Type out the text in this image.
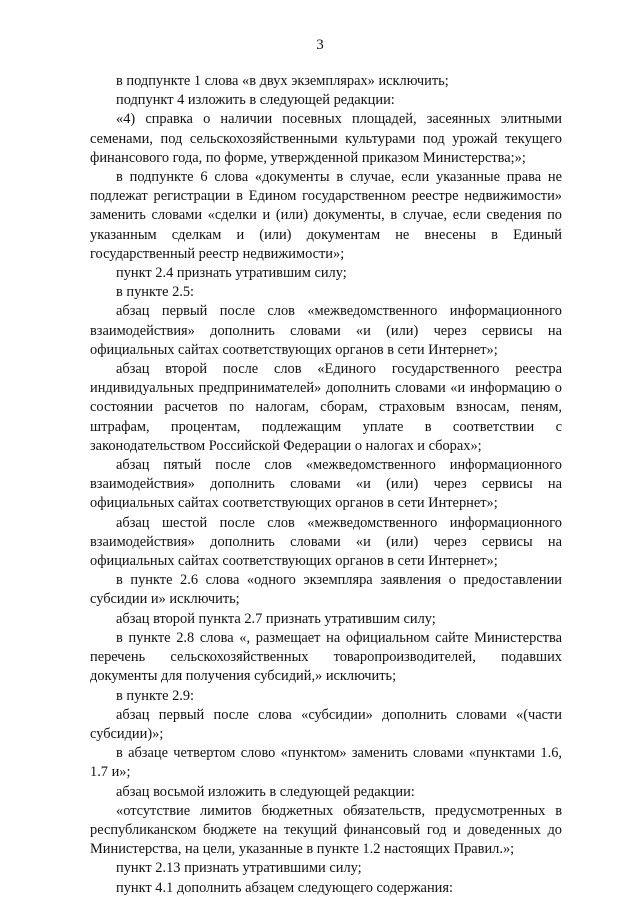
3

в подпункте 1 слова «в двух экземплярах» исключить;

подпункт 4 изложить в следующей редакции:

«4) справка о наличии посевных площадей, засеянных элитными семенами, под сельскохозяйственными культурами под урожай текущего финансового года, по форме, утвержденной приказом Министерства;»;

в подпункте 6 слова «документы в случае, если указанные права не подлежат регистрации в Едином государственном реестре недвижимости» заменить словами «сделки и (или) документы, в случае, если сведения по указанным сделкам и (или) документам не внесены в Единый государственный реестр недвижимости»;

пункт 2.4 признать утратившим силу;

в пункте 2.5:

абзац первый после слов «межведомственного информационного взаимодействия» дополнить словами «и (или) через сервисы на официальных сайтах соответствующих органов в сети Интернет»;

абзац второй после слов «Единого государственного реестра индивидуальных предпринимателей» дополнить словами «и информацию о состоянии расчетов по налогам, сборам, страховым взносам, пеням, штрафам, процентам, подлежащим уплате в соответствии с законодательством Российской Федерации о налогах и сборах»;

абзац пятый после слов «межведомственного информационного взаимодействия» дополнить словами «и (или) через сервисы на официальных сайтах соответствующих органов в сети Интернет»;

абзац шестой после слов «межведомственного информационного взаимодействия» дополнить словами «и (или) через сервисы на официальных сайтах соответствующих органов в сети Интернет»;

в пункте 2.6 слова «одного экземпляра заявления о предоставлении субсидии и» исключить;

абзац второй пункта 2.7 признать утратившим силу;

в пункте 2.8 слова «, размещает на официальном сайте Министерства перечень сельскохозяйственных товаропроизводителей, подавших документы для получения субсидий,» исключить;

в пункте 2.9:

абзац первый после слова «субсидии» дополнить словами «(части субсидии)»;

в абзаце четвертом слово «пунктом» заменить словами «пунктами 1.6, 1.7 и»;

абзац восьмой изложить в следующей редакции:

«отсутствие лимитов бюджетных обязательств, предусмотренных в республиканском бюджете на текущий финансовый год и доведенных до Министерства, на цели, указанные в пункте 1.2 настоящих Правил.»;

пункт 2.13 признать утратившими силу;

пункт 4.1 дополнить абзацем следующего содержания:
